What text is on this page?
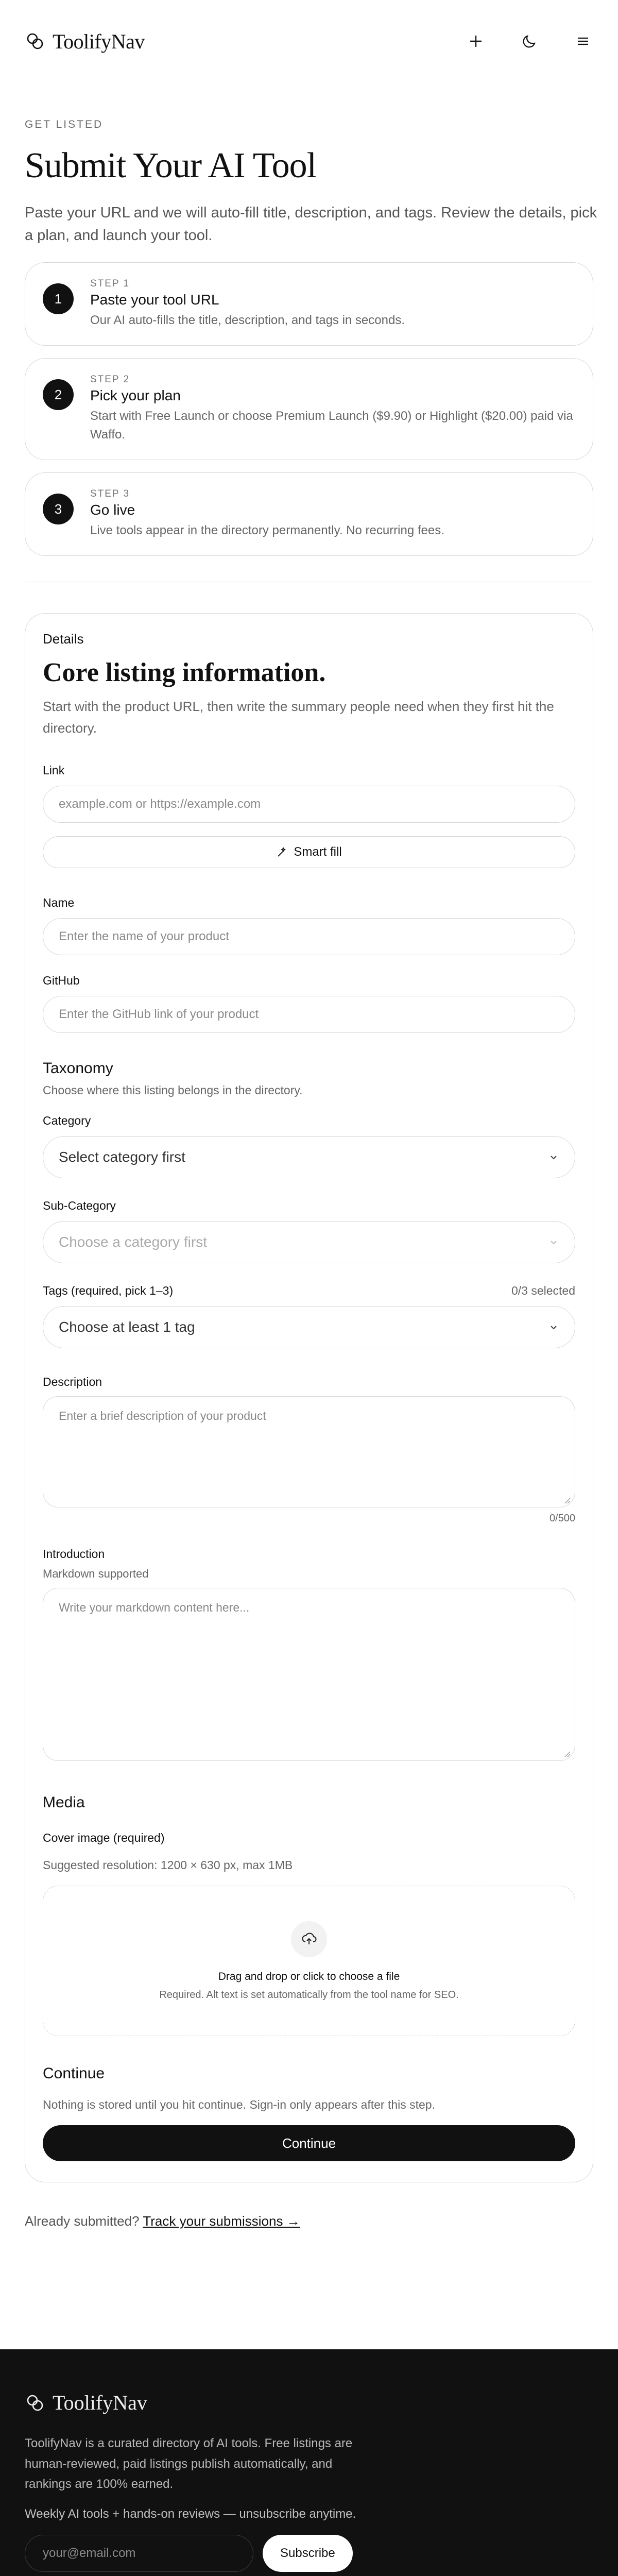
ToolifyNav
GET LISTED
Submit Your AI Tool

Paste your URL and we will auto-fill title, description, and tags. Review the details, pick a plan, and launch your tool.

1
STEP 1
Paste your tool URL
Our AI auto-fills the title, description, and tags in seconds.
2
STEP 2
Pick your plan
Start with Free Launch or choose Premium Launch ($9.90) or Highlight ($20.00) paid via Waffo.
3
STEP 3
Go live
Live tools appear in the directory permanently. No recurring fees.
Details
Core listing information.

Start with the product URL, then write the summary people need when they first hit the directory.

Link
example.com or https://example.com
Smart fill
Name
Enter the name of your product
GitHub
Enter the GitHub link of your product
Taxonomy
Choose where this listing belongs in the directory.
Category
Select category first
Sub-Category
Choose a category first
Tags (required, pick 1–3)	0/3 selected
Choose at least 1 tag
Description
Enter a brief description of your product
0/500
Introduction
Markdown supported
Write your markdown content here...
Media
Cover image (required)
Suggested resolution: 1200 × 630 px, max 1MB
Drag and drop or click to choose a file
Required. Alt text is set automatically from the tool name for SEO.
Continue
Nothing is stored until you hit continue. Sign-in only appears after this step.
Continue
Already submitted? Track your submissions →
ToolifyNav

ToolifyNav is a curated directory of AI tools. Free listings are human-reviewed, paid listings publish automatically, and rankings are 100% earned.

Weekly AI tools + hands-on reviews — unsubscribe anytime.

your@email.com	Subscribe
